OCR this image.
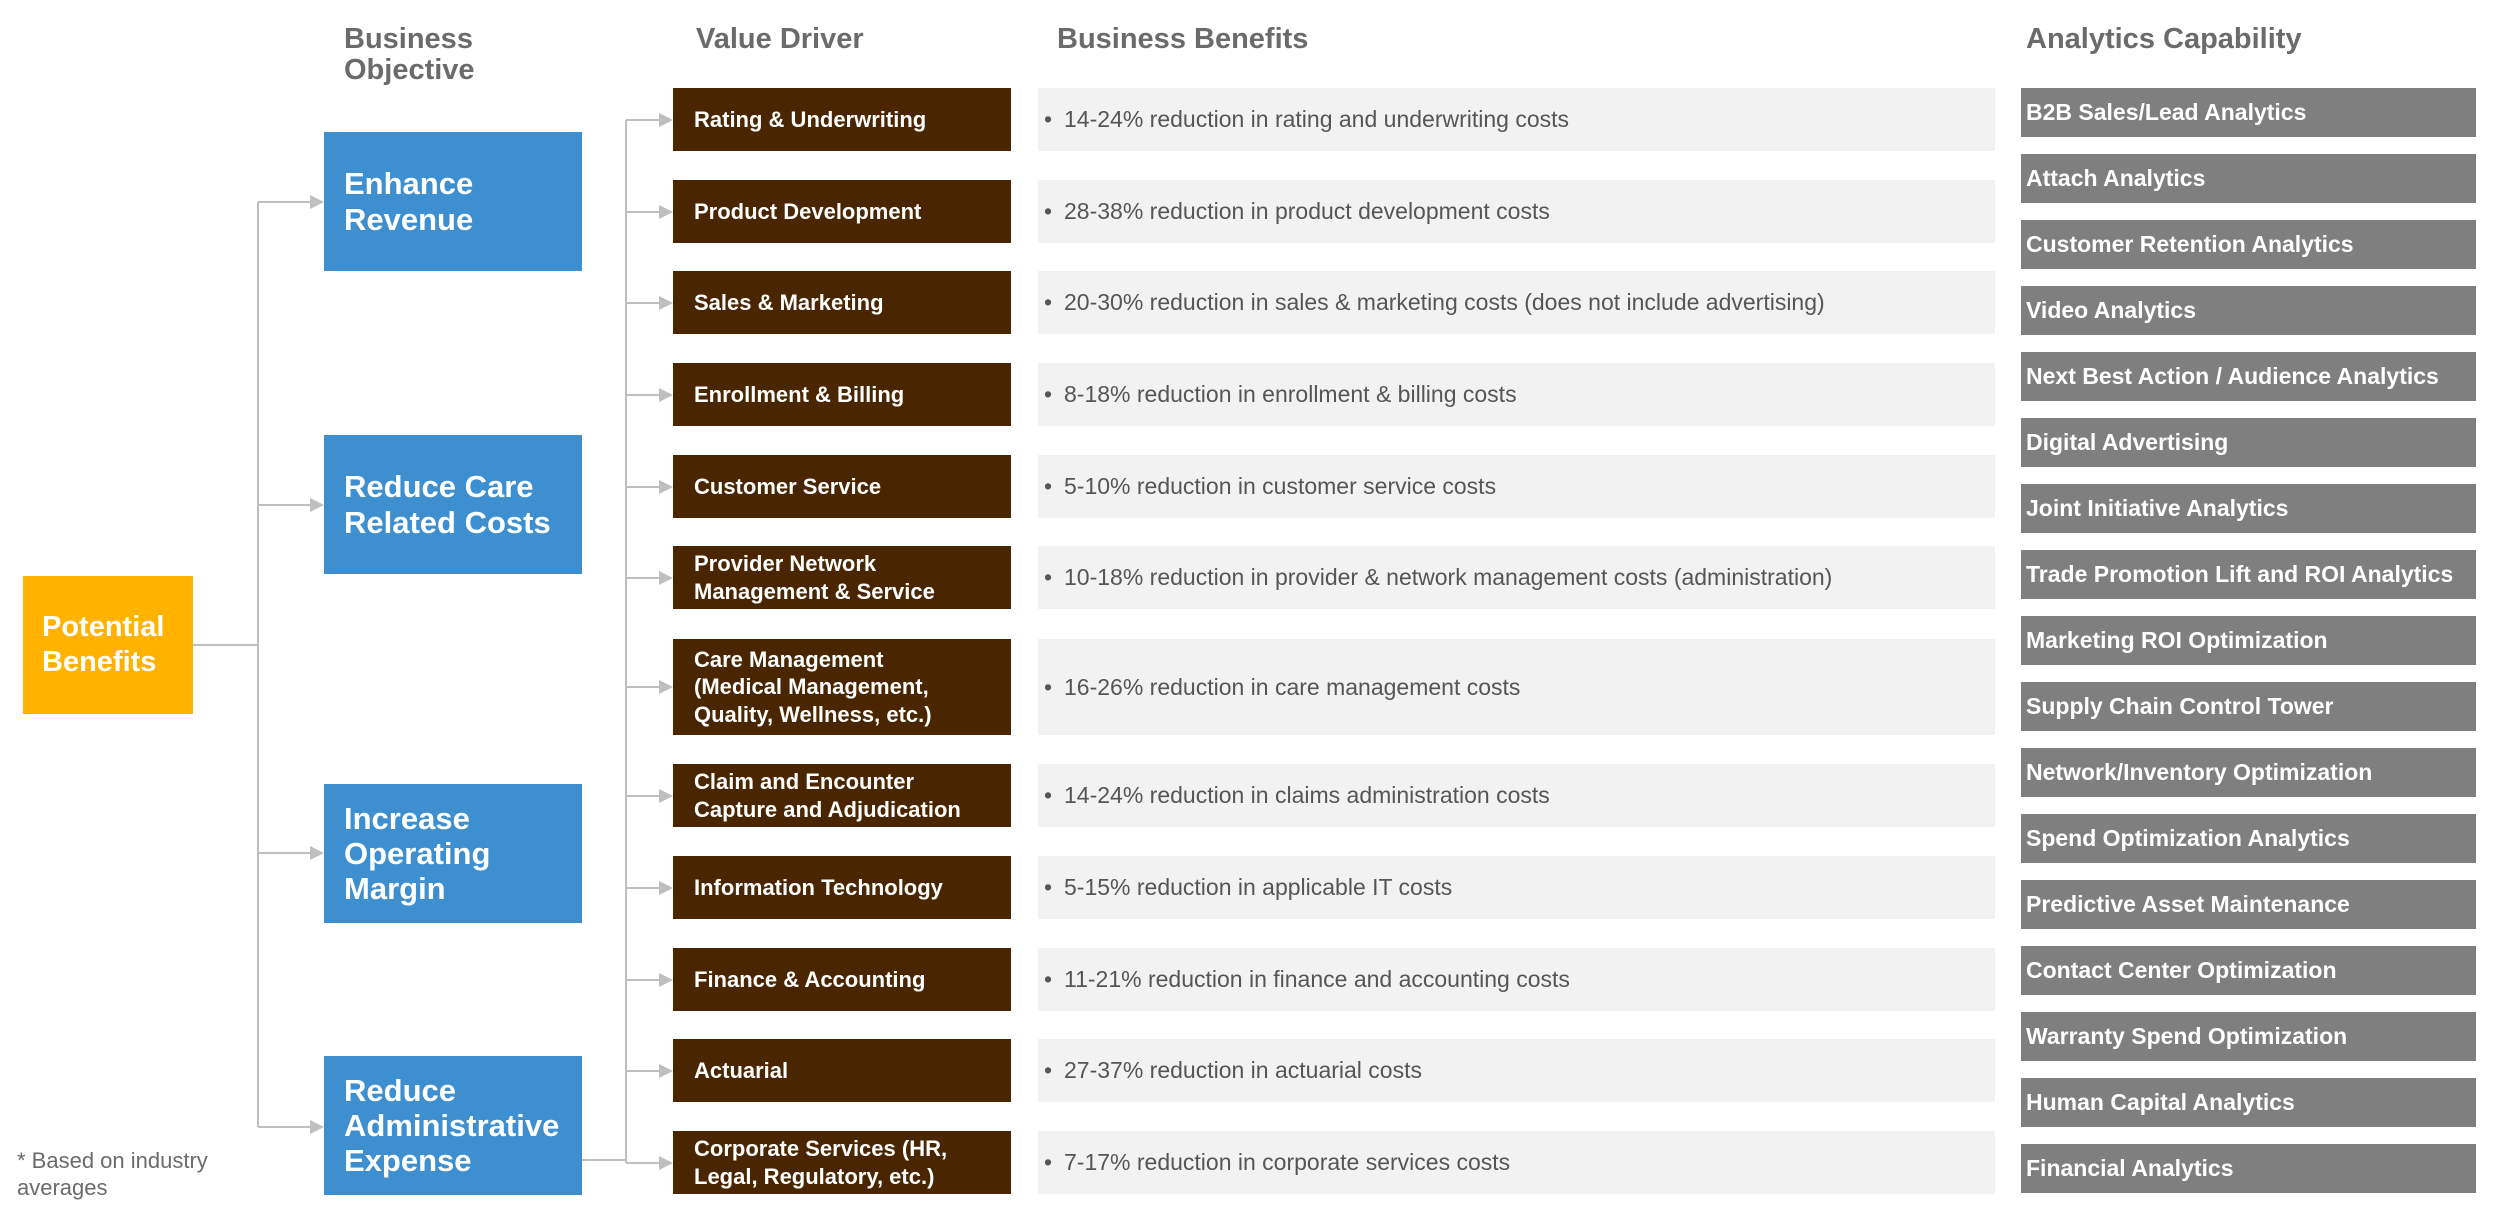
Business
Objective
Value Driver	Business Benefits	Analytics Capability
Potential
Benefits
Enhance
Revenue
Reduce Care
Related Costs
Increase
Operating
Margin
Reduce
Administrative
Expense
Rating & Underwriting
Product Development
Sales & Marketing
Enrollment & Billing
Customer Service
Provider Network
Management & Service
Care Management
(Medical Management,
Quality, Wellness, etc.)
Claim and Encounter
Capture and Adjudication
Information Technology
Finance & Accounting
Actuarial
Corporate Services (HR,
Legal, Regulatory, etc.)
• 14-24% reduction in rating and underwriting costs
• 28-38% reduction in product development costs
• 20-30% reduction in sales & marketing costs (does not include advertising)
• 8-18% reduction in enrollment & billing costs
• 5-10% reduction in customer service costs
• 10-18% reduction in provider & network management costs (administration)
• 16-26% reduction in care management costs
• 14-24% reduction in claims administration costs
• 5-15% reduction in applicable IT costs
• 11-21% reduction in finance and accounting costs
• 27-37% reduction in actuarial costs
• 7-17% reduction in corporate services costs
B2B Sales/Lead Analytics
Attach Analytics
Customer Retention Analytics
Video Analytics
Next Best Action / Audience Analytics
Digital Advertising
Joint Initiative Analytics
Trade Promotion Lift and ROI Analytics
Marketing ROI Optimization
Supply Chain Control Tower
Network/Inventory Optimization
Spend Optimization Analytics
Predictive Asset Maintenance
Contact Center Optimization
Warranty Spend Optimization
Human Capital Analytics
Financial Analytics
* Based on industry
averages
